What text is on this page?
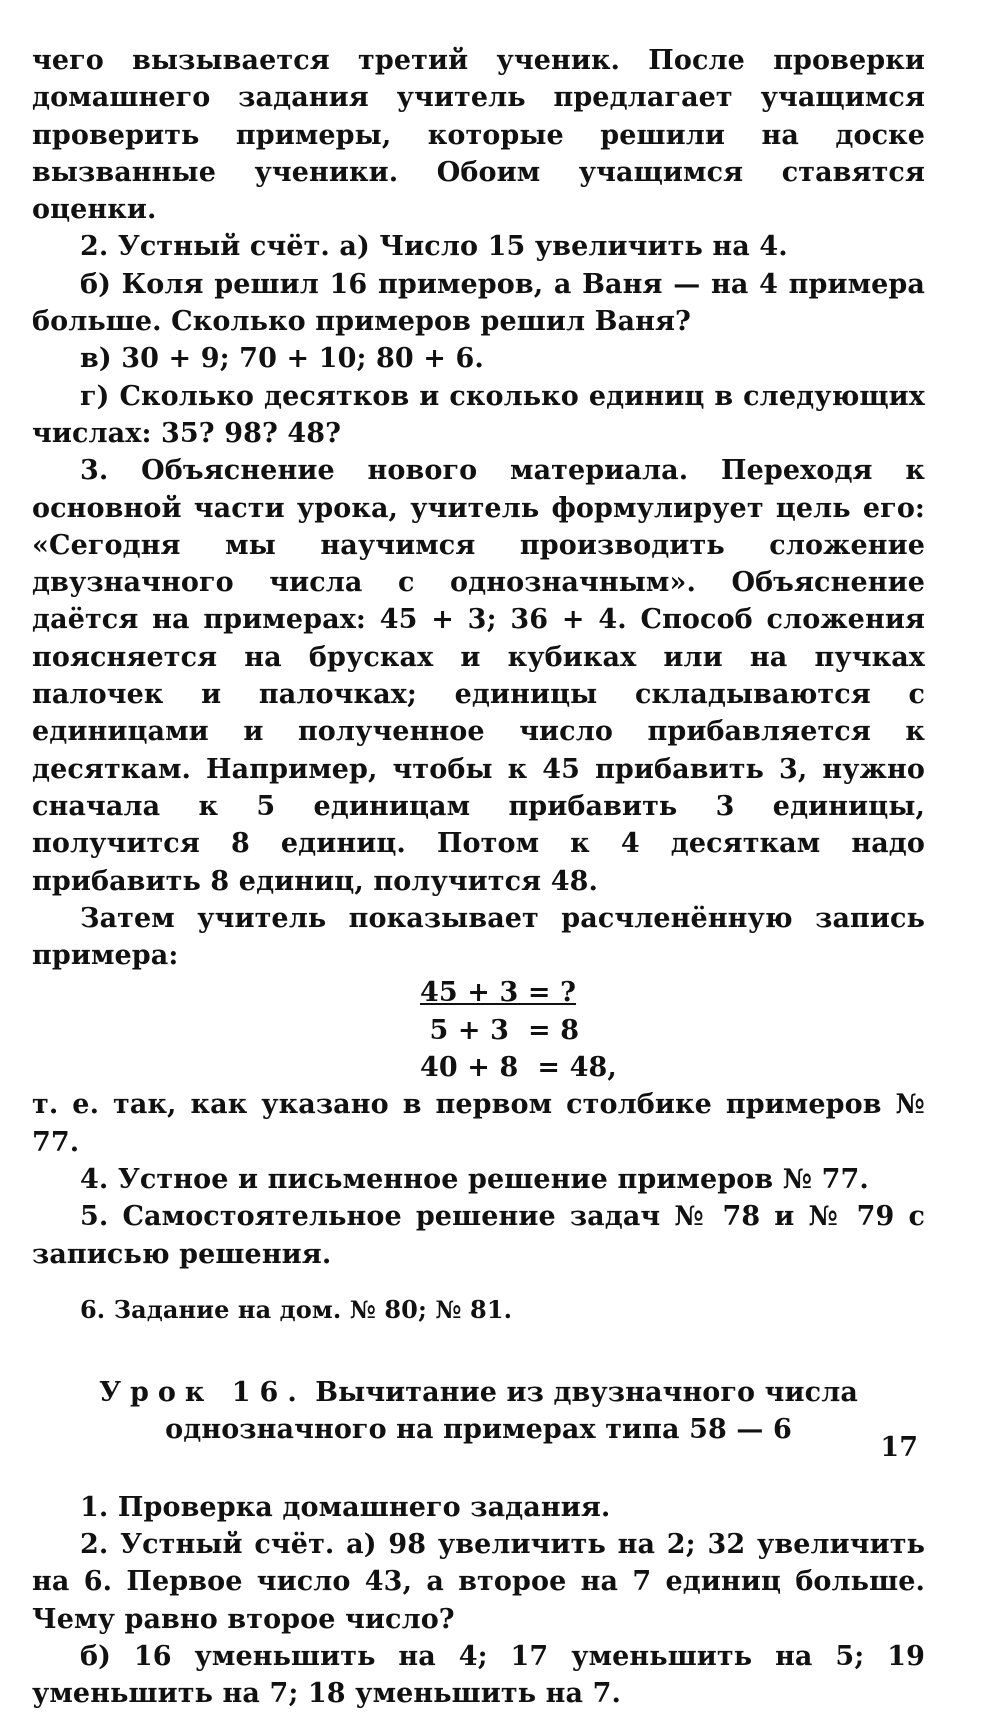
чего вызывается третий ученик. После проверки домашнего задания учитель предлагает учащимся проверить примеры, которые решили на доске вызванные ученики. Обоим учащимся ставятся оценки.

2. Устный счёт. а) Число 15 увеличить на 4.

б) Коля решил 16 примеров, а Ваня — на 4 примера больше. Сколько примеров решил Ваня?

в) 30 + 9; 70 + 10; 80 + 6.

г) Сколько десятков и сколько единиц в следующих числах: 35? 98? 48?

3. Объяснение нового материала. Переходя к основной части урока, учитель формулирует цель его: «Сегодня мы научимся производить сложение двузначного числа с однозначным». Объяснение даётся на примерах: 45 + 3; 36 + 4. Способ сложения поясняется на брусках и кубиках или на пучках палочек и палочках; единицы складываются с единицами и полученное число прибавляется к десяткам. Например, чтобы к 45 прибавить 3, нужно сначала к 5 единицам прибавить 3 единицы, получится 8 единиц. Потом к 4 десяткам надо прибавить 8 единиц, получится 48.

Затем учитель показывает расчленённую запись примера:

45 + 3 = ?
5 + 3  = 8
40 + 8  = 48,

т. е. так, как указано в первом столбике примеров № 77.

4. Устное и письменное решение примеров № 77.

5. Самостоятельное решение задач № 78 и № 79 с записью решения.

6. Задание на дом. № 80; № 81.

Урок 16. Вычитание из двузначного числа
однозначного на примерах типа 58 — 6

1. Проверка домашнего задания.

2. Устный счёт. а) 98 увеличить на 2; 32 увеличить на 6. Первое число 43, а второе на 7 единиц больше. Чему равно второе число?

б) 16 уменьшить на 4; 17 уменьшить на 5; 19 уменьшить на 7; 18 уменьшить на 7.

17
